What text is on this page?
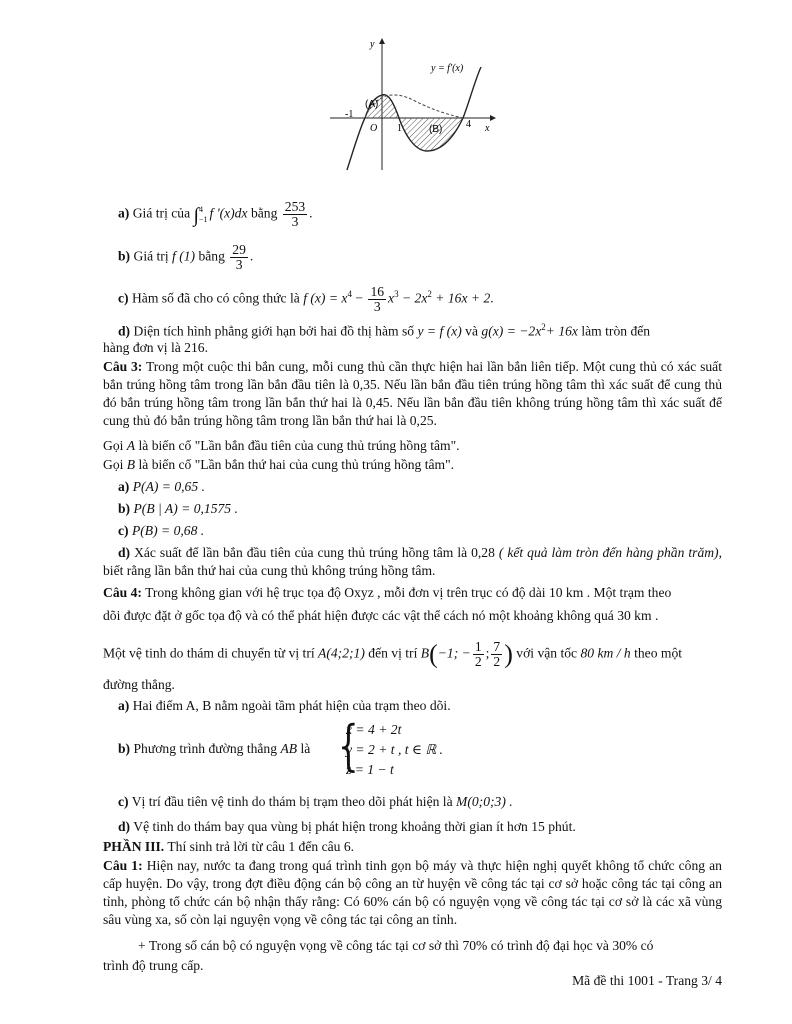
y = f'(x)
y
x
O
-1
1	4
(A)
(B)
a) Giá trị của ∫ 4
−1 f '(x)dx bằng $\frac{253}{3}$ .
b) Giá trị f (1) bằng $\frac{29}{3}$ .
c) Hàm số đã cho có công thức là f $(x) = x^4 - \frac{16}{3} x^3 - 2x^2 + 16x + 2$.
d) Diện tích hình phẳng giới hạn bởi hai đồ thị hàm số y = f (x) và $g(x) = -2x^2+ 16x$ làm tròn đến
hàng đơn vị là 216.
Câu 3: Trong một cuộc thi bắn cung, mỗi cung thủ cần thực hiện hai lần bắn liên tiếp. Một cung thủ có xác suất bắn trúng hồng tâm trong lần bắn đầu tiên là 0,35. Nếu lần bắn đầu tiên trúng hồng tâm thì xác suất để cung thủ đó bắn trúng hồng tâm trong lần bắn thứ hai là 0,45. Nếu lần bắn đầu tiên không trúng hồng tâm thì xác suất để cung thủ đó bắn trúng hồng tâm trong lần bắn thứ hai là 0,25.
Gọi A là biến cố "Lần bắn đầu tiên của cung thủ trúng hồng tâm".
Gọi B là biến cố "Lần bắn thứ hai của cung thủ trúng hồng tâm".
a) P(A) = 0,65 .
b) P(B | A) = 0,1575 .
c) P(B) = 0,68 .
d) Xác suất để lần bắn đầu tiên của cung thủ trúng hồng tâm là 0,28 ( kết quả làm tròn đến hàng phần trăm), biết rằng lần bắn thứ hai của cung thủ không trúng hồng tâm.
Câu 4: Trong không gian với hệ trục tọa độ Oxyz , mỗi đơn vị trên trục có độ dài 10 km . Một trạm theo
dõi được đặt ở gốc tọa độ và có thể phát hiện được các vật thể cách nó một khoảng không quá 30 km .
Một vệ tinh do thám di chuyển từ vị trí A(4;2;1) đến vị trí B(−1; − $\frac{1}{2}$ ; $\frac{7}{2}$ ) với vận tốc 80 km / h theo một
đường thẳng.
a) Hai điểm A, B nằm ngoài tầm phát hiện của trạm theo dõi.
b) Phương trình đường thẳng AB là {
x = 4 + 2t
y = 2 + t , t ∈ ℝ .
z = 1 − t
c) Vị trí đầu tiên vệ tinh do thám bị trạm theo dõi phát hiện là M(0;0;3) .
d) Vệ tinh do thám bay qua vùng bị phát hiện trong khoảng thời gian ít hơn 15 phút.
PHẦN III. Thí sinh trả lời từ câu 1 đến câu 6.
Câu 1: Hiện nay, nước ta đang trong quá trình tinh gọn bộ máy và thực hiện nghị quyết không tổ chức công an cấp huyện. Do vậy, trong đợt điều động cán bộ công an từ huyện về công tác tại cơ sở hoặc công tác tại công an tỉnh, phòng tổ chức cán bộ nhận thấy rằng: Có 60% cán bộ có nguyện vọng về công tác tại cơ sở là các xã vùng sâu vùng xa, số còn lại nguyện vọng về công tác tại công an tỉnh.
+ Trong số cán bộ có nguyện vọng về công tác tại cơ sở thì 70% có trình độ đại học và 30% có
trình độ trung cấp.
Mã đề thi 1001 - Trang 3/ 4
